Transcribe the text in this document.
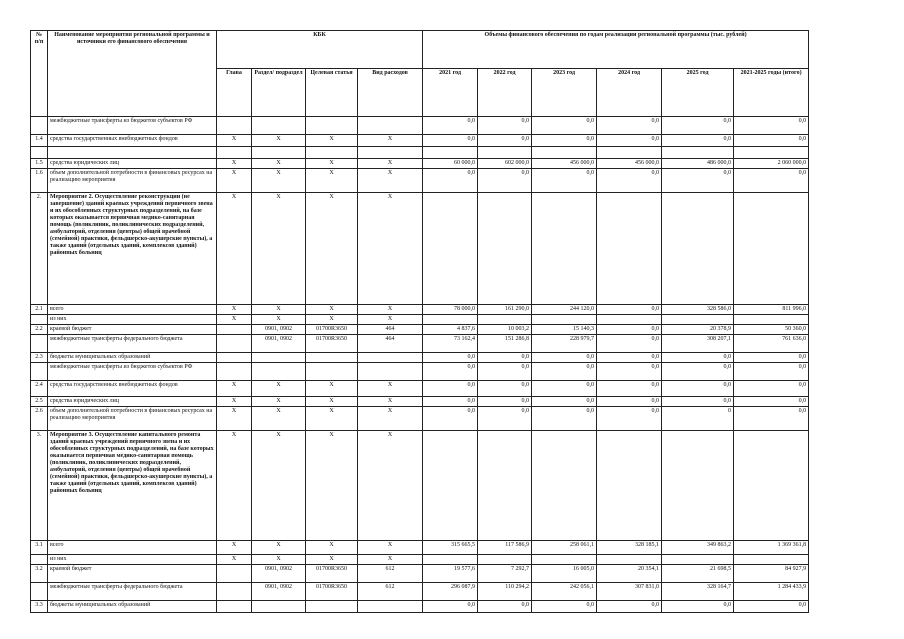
№ п/п	Наименование мероприятия региональной программы и источники его финансового обеспечения	КБК				Объемы финансового обеспечения по годам реализации региональной программы (тыс. рублей)					
		Глава	Раздел/ подраздел	Целевая статья	Вид расходов	2021 год	2022 год	2023 год	2024 год	2025 год	2021-2025 годы (итого)
	межбюджетные трансферты из бюджетов субъектов РФ					0,0	0,0	0,0	0,0	0,0	0,0
1.4	средства государственных внебюджетных фондов	X	X	X	X	0,0	0,0	0,0	0,0	0,0	0,0

1.5	средства юридических лиц	X	X	X	X	60 000,0	602 000,0	456 000,0	456 000,0	486 000,0	2 060 000,0
1.6	объем дополнительной потребности в финансовых ресурсах на реализацию мероприятия	X	X	X	X	0,0	0,0	0,0	0,0	0,0	0,0
2.	Мероприятие 2. Осуществление реконструкции (не завершение) зданий краевых учреждений первичного звена и их обособленных структурных подразделений, на базе которых оказывается первичная медико-санитарная помощь (поликлиник, поликлинических подразделений, амбулаторий, отделения (центры) общей врачебной (семейной) практики, фельдшерско-акушерские пункты), а также зданий (отдельных зданий, комплексов зданий) районных больниц	X	X	X	X						
2.1	всего	X	X	X	X	78 000,0	161 290,0	244 120,0	0,0	328 586,0	811 996,0
	из них	X	X	X	X						
2.2	краевой бюджет		0901, 0902	01700R3650	464	4 837,6	10 003,2	15 140,3	0,0	20 378,9	50 360,0
	межбюджетные трансферты федерального бюджета		0901, 0902	01700R3650	464	73 162,4	151 286,8	228 979,7	0,0	308 207,1	761 636,0
2.3	бюджеты муниципальных образований					0,0	0,0	0,0	0,0	0,0	0,0
	межбюджетные трансферты из бюджетов субъектов РФ					0,0	0,0	0,0	0,0	0,0	0,0
2.4	средства государственных внебюджетных фондов	X	X	X	X	0,0	0,0	0,0	0,0	0,0	0,0
2.5	средства юридических лиц	X	X	X	X	0,0	0,0	0,0	0,0	0,0	0,0
2.6	объем дополнительной потребности в финансовых ресурсах на реализацию мероприятия	X	X	X	X	0,0	0,0	0,0	0,0	0	0,0
3.	Мероприятие 3. Осуществление капитального ремонта зданий краевых учреждений первичного звена и их обособленных структурных подразделений, на базе которых оказывается первичная медико-санитарная помощь (поликлиник, поликлинических подразделений, амбулаторий, отделения (центры) общей врачебной (семейной) практики, фельдшерско-акушерские пункты), а также зданий (отдельных зданий, комплексов зданий) районных больниц	X	X	X	X						
3.1	всего	X	X	X	X	315 665,5	117 586,9	258 061,1	328 185,1	349 863,2	1 369 361,8
	из них	X	X	X	X						
3.2	краевой бюджет		0901, 0902	01700R3650	612	19 577,6	7 292,7	16 005,0	20 354,1	21 698,5	84 927,9
	межбюджетные трансферты федерального бюджета		0901, 0902	01700R3650	612	296 087,9	110 294,2	242 056,1	307 831,0	328 164,7	1 284 433,9
3.3	бюджеты муниципальных образований					0,0	0,0	0,0	0,0	0,0	0,0
